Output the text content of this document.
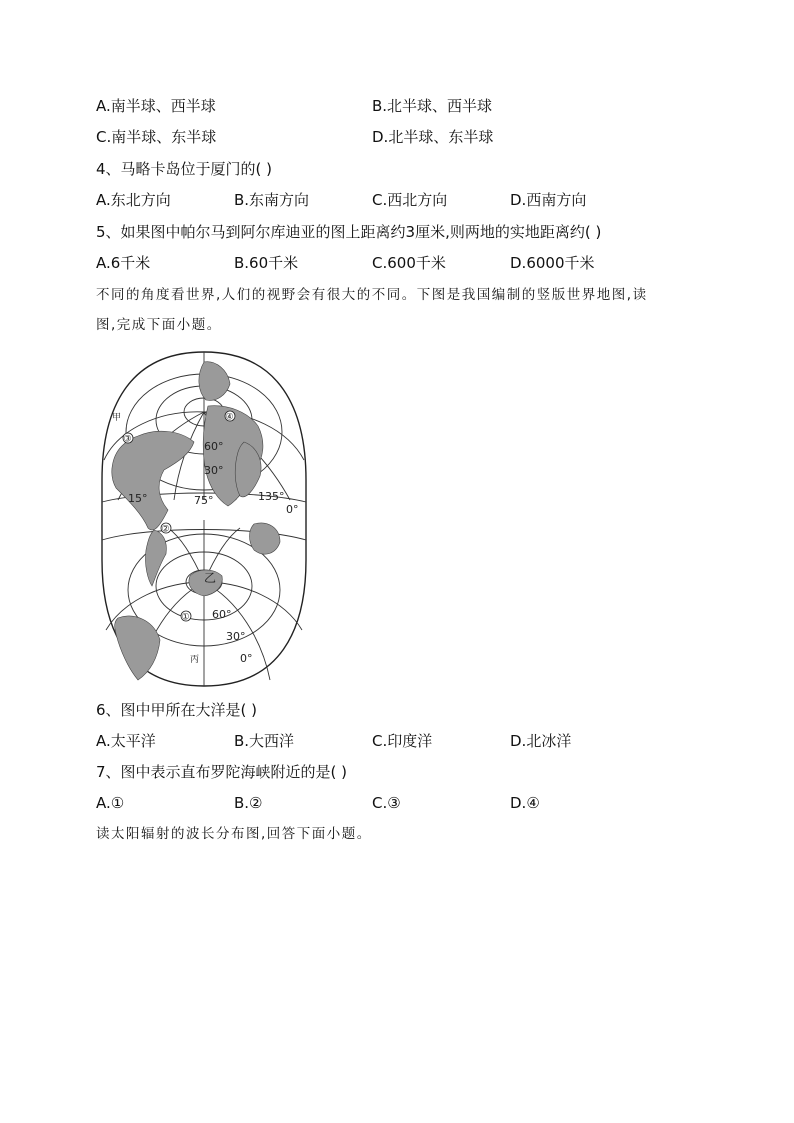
A.南半球、西半球	B.北半球、西半球
C.南半球、东半球	D.北半球、东半球
4、马略卡岛位于厦门的( )
A.东北方向	B.东南方向	C.西北方向	D.西南方向
5、如果图中帕尔马到阿尔库迪亚的图上距离约3厘米,则两地的实地距离约( )
A.6千米	B.60千米	C.600千米	D.6000千米
不同的角度看世界,人们的视野会有很大的不同。下图是我国编制的竖版世界地图,读
图,完成下面小题。
甲	④
③
②
①
60°
30°
15°	75°	135°
0°
乙
60°
30°
0°
丙
6、图中甲所在大洋是( )
A.太平洋	B.大西洋	C.印度洋	D.北冰洋
7、图中表示直布罗陀海峡附近的是( )
A.①	B.②	C.③	D.④
读太阳辐射的波长分布图,回答下面小题。
